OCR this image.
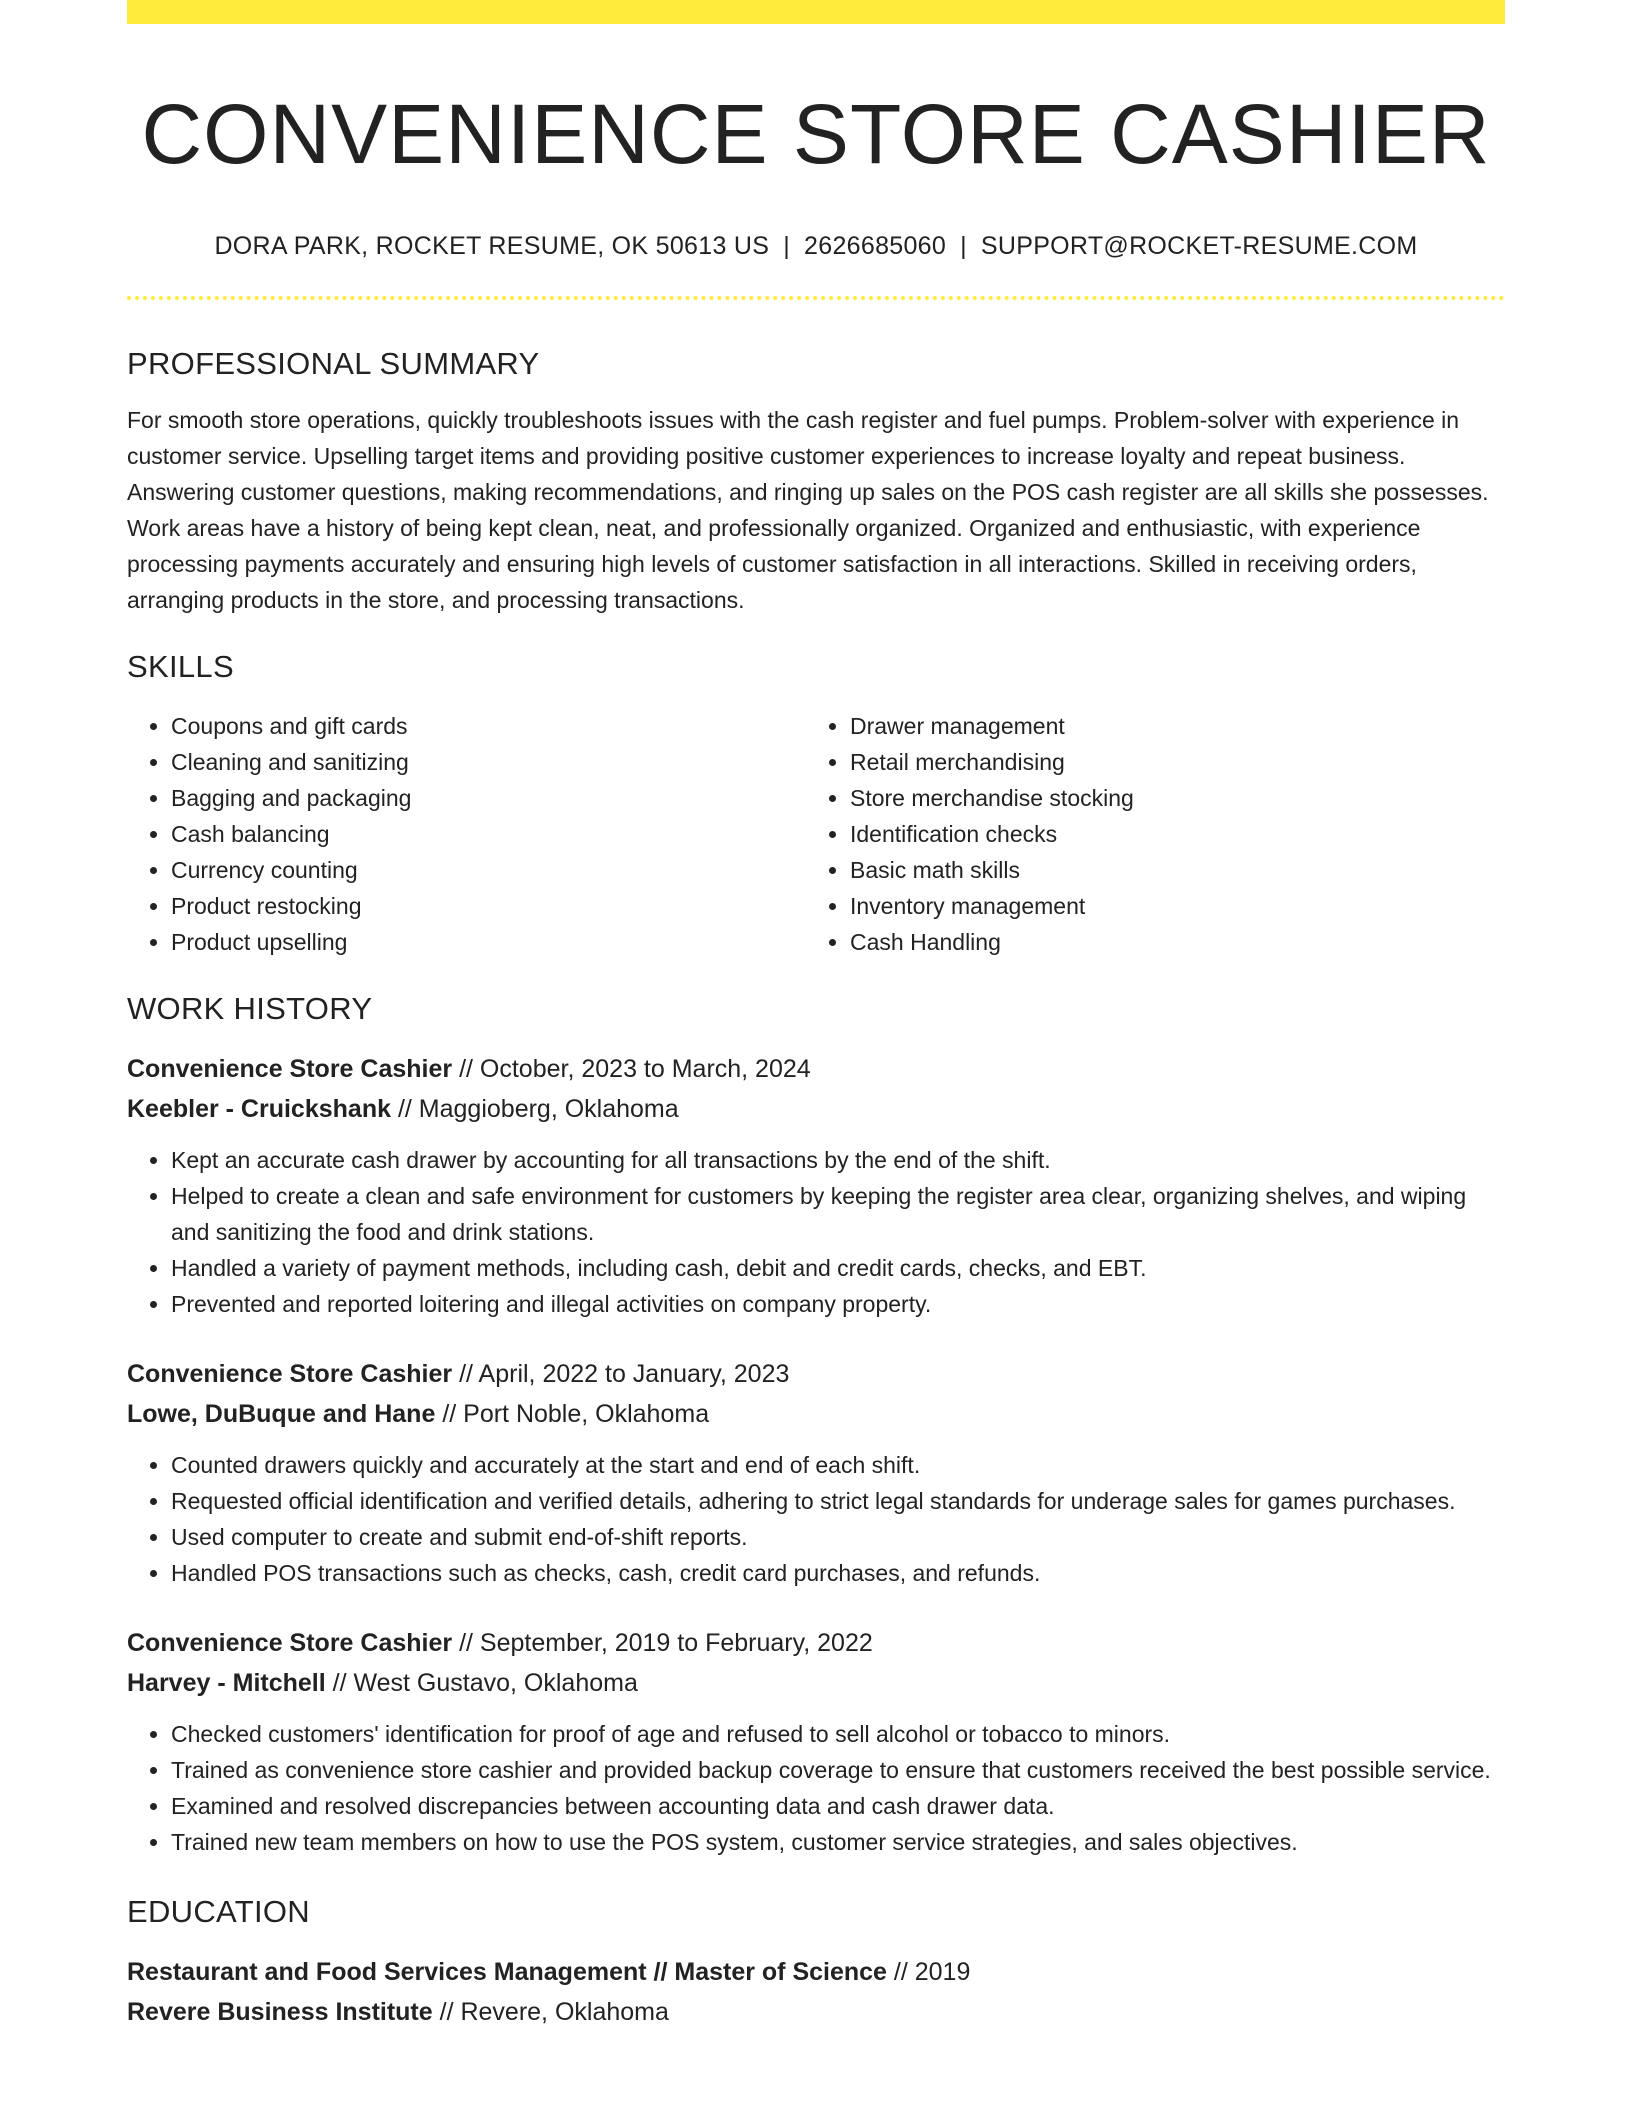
CONVENIENCE STORE CASHIER
DORA PARK, ROCKET RESUME, OK 50613 US | 2626685060 | SUPPORT@ROCKET-RESUME.COM
PROFESSIONAL SUMMARY

For smooth store operations, quickly troubleshoots issues with the cash register and fuel pumps. Problem-solver with experience in customer service. Upselling target items and providing positive customer experiences to increase loyalty and repeat business. Answering customer questions, making recommendations, and ringing up sales on the POS cash register are all skills she possesses. Work areas have a history of being kept clean, neat, and professionally organized. Organized and enthusiastic, with experience processing payments accurately and ensuring high levels of customer satisfaction in all interactions. Skilled in receiving orders, arranging products in the store, and processing transactions.

SKILLS
• Coupons and gift cards
• Cleaning and sanitizing
• Bagging and packaging
• Cash balancing
• Currency counting
• Product restocking
• Product upselling
• Drawer management
• Retail merchandising
• Store merchandise stocking
• Identification checks
• Basic math skills
• Inventory management
• Cash Handling
WORK HISTORY
Convenience Store Cashier // October, 2023 to March, 2024
Keebler - Cruickshank // Maggioberg, Oklahoma
• Kept an accurate cash drawer by accounting for all transactions by the end of the shift.
• Helped to create a clean and safe environment for customers by keeping the register area clear, organizing shelves, and wiping and sanitizing the food and drink stations.
• Handled a variety of payment methods, including cash, debit and credit cards, checks, and EBT.
• Prevented and reported loitering and illegal activities on company property.
Convenience Store Cashier // April, 2022 to January, 2023
Lowe, DuBuque and Hane // Port Noble, Oklahoma
• Counted drawers quickly and accurately at the start and end of each shift.
• Requested official identification and verified details, adhering to strict legal standards for underage sales for games purchases.
• Used computer to create and submit end-of-shift reports.
• Handled POS transactions such as checks, cash, credit card purchases, and refunds.
Convenience Store Cashier // September, 2019 to February, 2022
Harvey - Mitchell // West Gustavo, Oklahoma
• Checked customers' identification for proof of age and refused to sell alcohol or tobacco to minors.
• Trained as convenience store cashier and provided backup coverage to ensure that customers received the best possible service.
• Examined and resolved discrepancies between accounting data and cash drawer data.
• Trained new team members on how to use the POS system, customer service strategies, and sales objectives.
EDUCATION
Restaurant and Food Services Management // Master of Science // 2019
Revere Business Institute // Revere, Oklahoma
